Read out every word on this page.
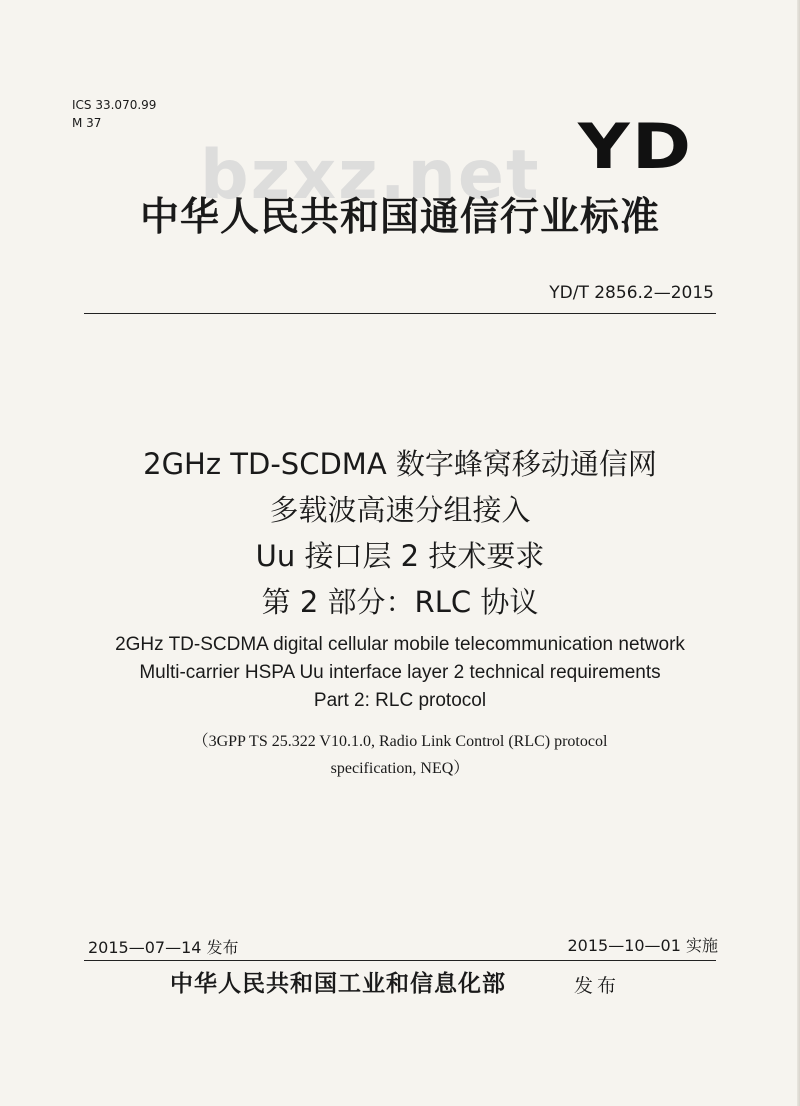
ICS 33.070.99
M 37
bzxz.net YD
中华人民共和国通信行业标准
YD/T 2856.2—2015
2GHz TD-SCDMA 数字蜂窝移动通信网
多载波高速分组接入
Uu 接口层 2 技术要求
第 2 部分：RLC 协议
2GHz TD-SCDMA digital cellular mobile telecommunication network
Multi-carrier HSPA Uu interface layer 2 technical requirements
Part 2: RLC protocol
（3GPP TS 25.322 V10.1.0, Radio Link Control (RLC) protocol
specification, NEQ）
2015—07—14 发布	2015—10—01 实施
中华人民共和国工业和信息化部	发布
